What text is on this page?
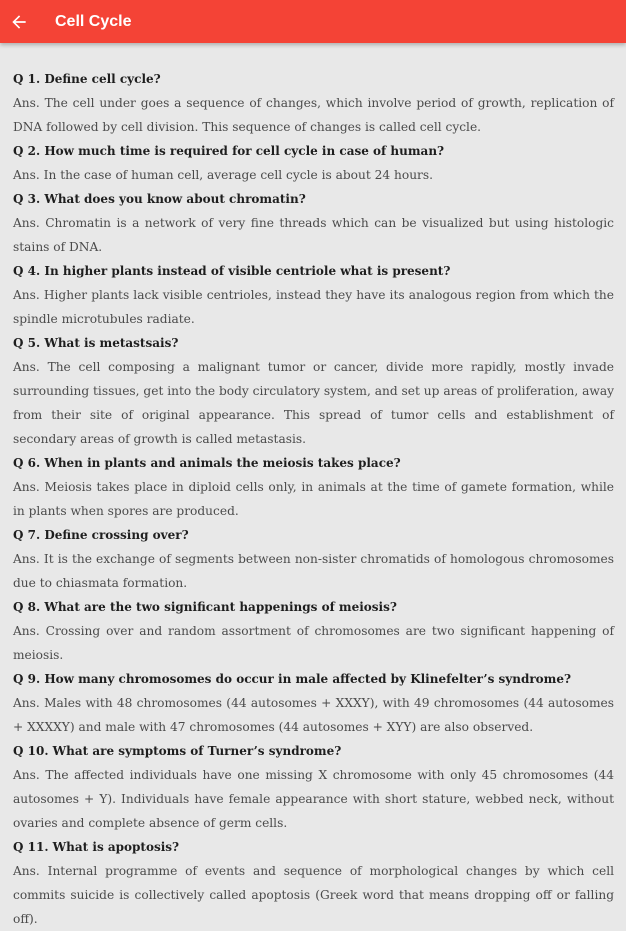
Cell Cycle
Q 1. Define cell cycle?
Ans. The cell under goes a sequence of changes, which involve period of growth, replication of DNA followed by cell division. This sequence of changes is called cell cycle.
Q 2. How much time is required for cell cycle in case of human?
Ans. In the case of human cell, average cell cycle is about 24 hours.
Q 3. What does you know about chromatin?
Ans. Chromatin is a network of very fine threads which can be visualized but using histologic stains of DNA.
Q 4. In higher plants instead of visible centriole what is present?
Ans. Higher plants lack visible centrioles, instead they have its analogous region from which the spindle microtubules radiate.
Q 5. What is metastsais?
Ans. The cell composing a malignant tumor or cancer, divide more rapidly, mostly invade surrounding tissues, get into the body circulatory system, and set up areas of proliferation, away from their site of original appearance. This spread of tumor cells and establishment of secondary areas of growth is called metastasis.
Q 6. When in plants and animals the meiosis takes place?
Ans. Meiosis takes place in diploid cells only, in animals at the time of gamete formation, while in plants when spores are produced.
Q 7. Define crossing over?
Ans. It is the exchange of segments between non-sister chromatids of homologous chromosomes due to chiasmata formation.
Q 8. What are the two significant happenings of meiosis?
Ans. Crossing over and random assortment of chromosomes are two significant happening of meiosis.
Q 9. How many chromosomes do occur in male affected by Klinefelter’s syndrome?
Ans. Males with 48 chromosomes (44 autosomes + XXXY), with 49 chromosomes (44 autosomes + XXXXY) and male with 47 chromosomes (44 autosomes + XYY) are also observed.
Q 10. What are symptoms of Turner’s syndrome?
Ans. The affected individuals have one missing X chromosome with only 45 chromosomes (44 autosomes + Y). Individuals have female appearance with short stature, webbed neck, without ovaries and complete absence of germ cells.
Q 11. What is apoptosis?
Ans. Internal programme of events and sequence of morphological changes by which cell commits suicide is collectively called apoptosis (Greek word that means dropping off or falling off).
